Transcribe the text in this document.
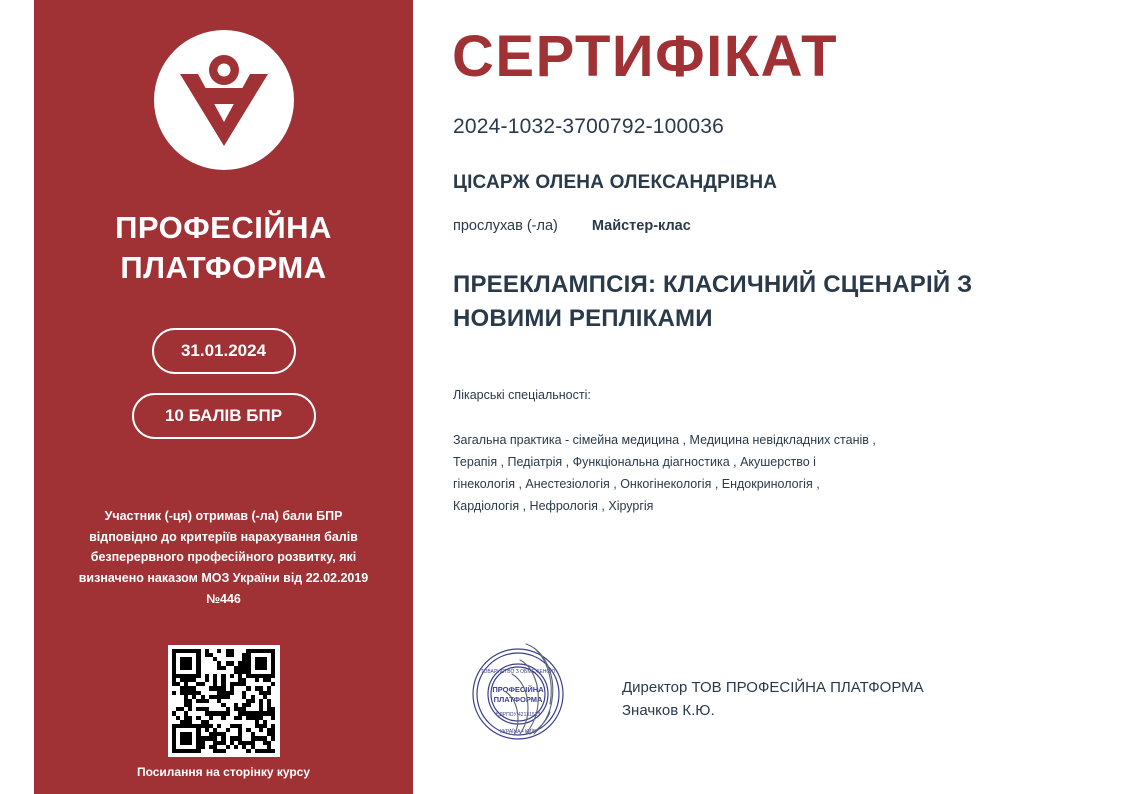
ПРОФЕСІЙНА
ПЛАТФОРМА
31.01.2024
10 БАЛІВ БПР
Участник (-ця) отримав (-ла) бали БПР відповідно до критеріїв нарахування балів безперервного професійного розвитку, які визначено наказом МОЗ України від 22.02.2019 №446
Посилання на сторінку курсу
СЕРТИФІКАТ
2024-1032-3700792-100036
ЦІСАРЖ ОЛЕНА ОЛЕКСАНДРІВНА
прослухав (-ла) Майстер-клас
ПРЕЕКЛАМПСІЯ: КЛАСИЧНИЙ СЦЕНАРІЙ З НОВИМИ РЕПЛІКАМИ
Лікарські спеціальності:
Загальна практика - сімейна медицина , Медицина невідкладних станів , Терапія , Педіатрія , Функціональна діагностика , Акушерство і гінекологія , Анестезіологія , Онкогінекологія , Ендокринологія , Кардіологія , Нефрологія , Хірургія
ТОВАРИСТВО З ОБМЕЖЕНОЮ
ПРОФЕСІЙНА
ПЛАТФОРМА
ЄДРПОУ 42131523
УКРАЇНА • КИЇВ
Директор ТОВ ПРОФЕСІЙНА ПЛАТФОРМА
Значков К.Ю.
